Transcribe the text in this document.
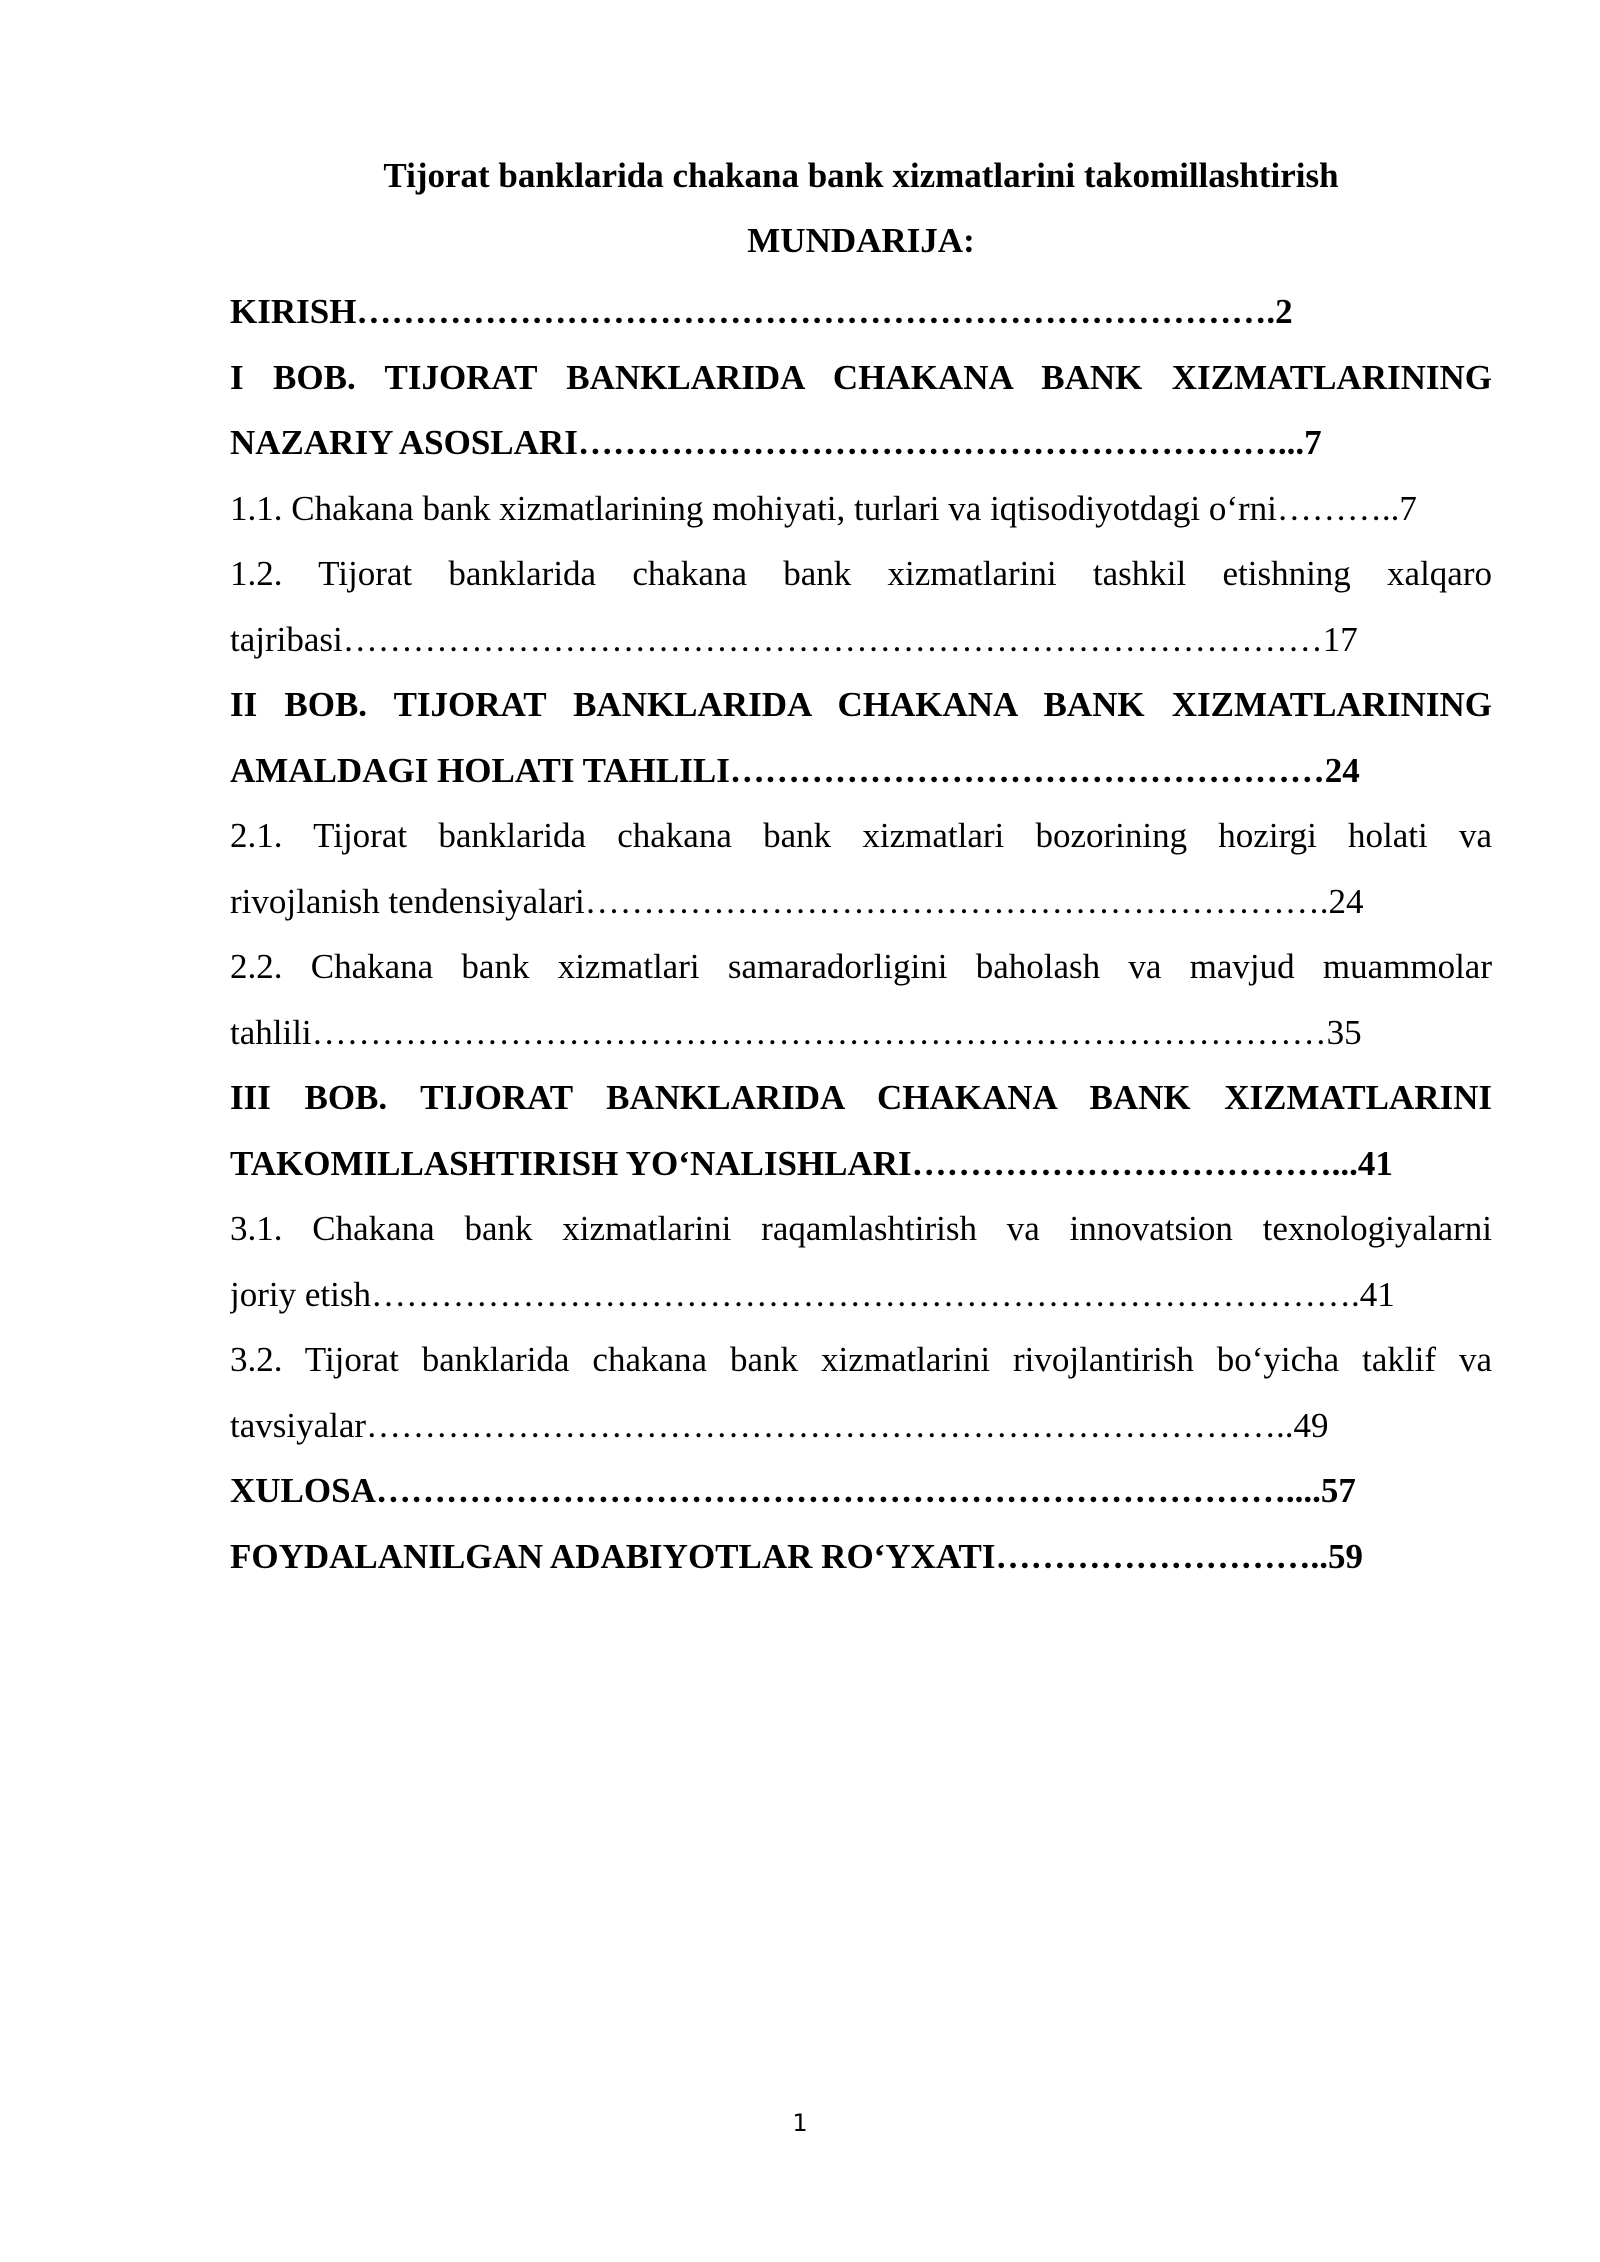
Tijorat banklarida chakana bank xizmatlarini takomillashtirish
MUNDARIJA:
KIRISH…………………………………………………………………….2
I BOB. TIJORAT BANKLARIDA CHAKANA BANK XIZMATLARINING
NAZARIY ASOSLARI……………………………………………………...7
1.1. Chakana bank xizmatlarining mohiyati, turlari va iqtisodiyotdagi o‘rni………..7
1.2. Tijorat banklarida chakana bank xizmatlarini tashkil etishning xalqaro
tajribasi…………………………………………………………………………17
II BOB. TIJORAT BANKLARIDA CHAKANA BANK XIZMATLARINING
AMALDAGI HOLATI TAHLILI……………………………………………24
2.1. Tijorat banklarida chakana bank xizmatlari bozorining hozirgi holati va
rivojlanish tendensiyalari……………………………………………………….24
2.2. Chakana bank xizmatlari samaradorligini baholash va mavjud muammolar
tahlili……………………………………………………………………………35
III BOB. TIJORAT BANKLARIDA CHAKANA BANK XIZMATLARINI
TAKOMILLASHTIRISH YO‘NALISHLARI………………………………...41
3.1. Chakana bank xizmatlarini raqamlashtirish va innovatsion texnologiyalarni
joriy etish………………………………………………………………………….41
3.2. Tijorat banklarida chakana bank xizmatlarini rivojlantirish bo‘yicha taklif va
tavsiyalar……………………………………………………………………..49
XULOSA……………………………………………………………………....57
FOYDALANILGAN ADABIYOTLAR RO‘YXATI………………………..59
1
